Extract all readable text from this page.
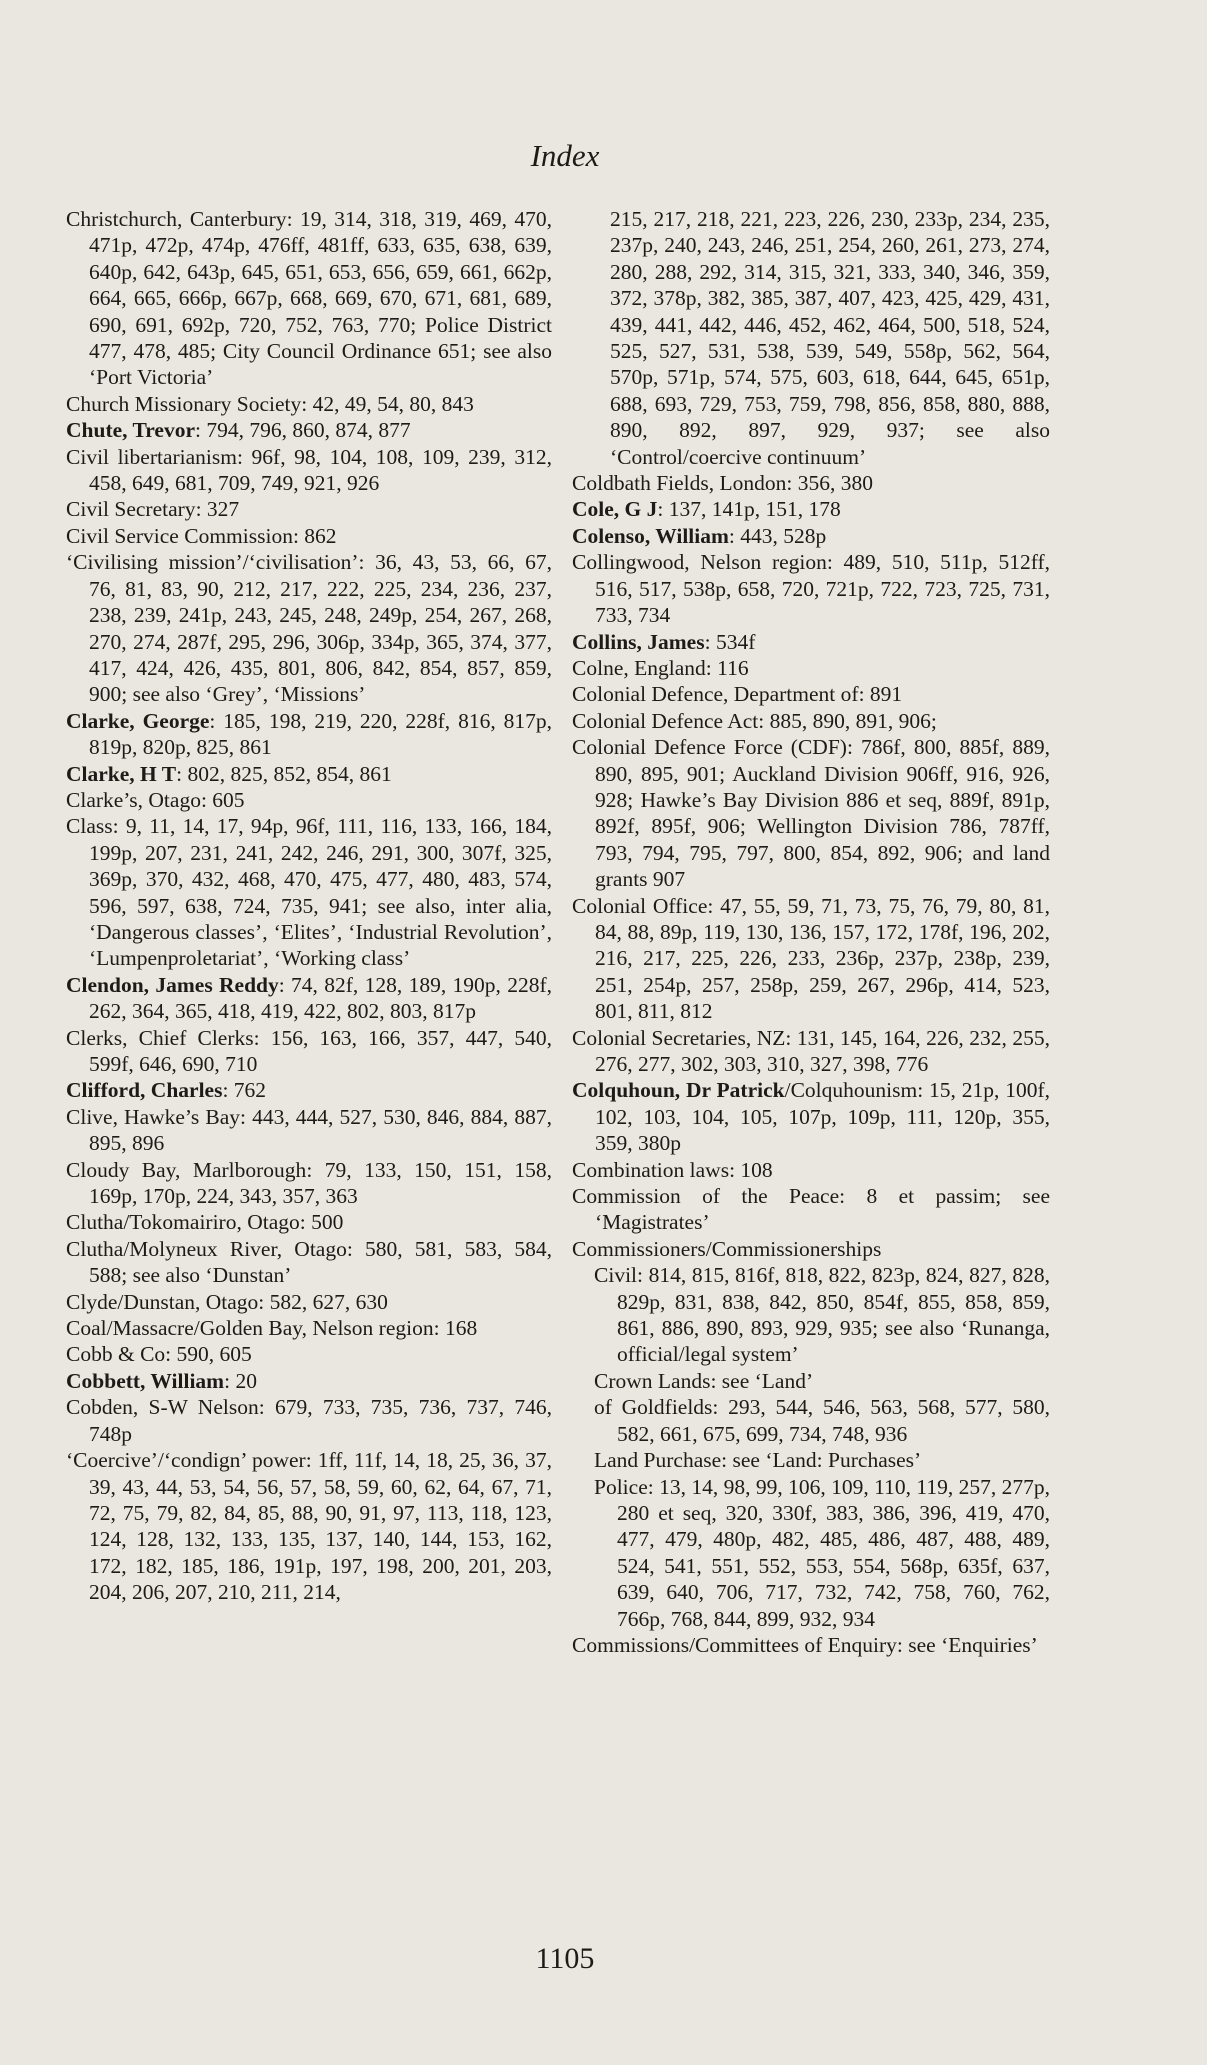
Index
Christchurch, Canterbury: 19, 314, 318, 319, 469, 470, 471p, 472p, 474p, 476ff, 481ff, 633, 635, 638, 639, 640p, 642, 643p, 645, 651, 653, 656, 659, 661, 662p, 664, 665, 666p, 667p, 668, 669, 670, 671, 681, 689, 690, 691, 692p, 720, 752, 763, 770; Police District 477, 478, 485; City Council Ordinance 651; see also ‘Port Victoria’
Church Missionary Society: 42, 49, 54, 80, 843
Chute, Trevor: 794, 796, 860, 874, 877
Civil libertarianism: 96f, 98, 104, 108, 109, 239, 312, 458, 649, 681, 709, 749, 921, 926
Civil Secretary: 327
Civil Service Commission: 862
‘Civilising mission’/‘civilisation’: 36, 43, 53, 66, 67, 76, 81, 83, 90, 212, 217, 222, 225, 234, 236, 237, 238, 239, 241p, 243, 245, 248, 249p, 254, 267, 268, 270, 274, 287f, 295, 296, 306p, 334p, 365, 374, 377, 417, 424, 426, 435, 801, 806, 842, 854, 857, 859, 900; see also ‘Grey’, ‘Missions’
Clarke, George: 185, 198, 219, 220, 228f, 816, 817p, 819p, 820p, 825, 861
Clarke, H T: 802, 825, 852, 854, 861
Clarke’s, Otago: 605
Class: 9, 11, 14, 17, 94p, 96f, 111, 116, 133, 166, 184, 199p, 207, 231, 241, 242, 246, 291, 300, 307f, 325, 369p, 370, 432, 468, 470, 475, 477, 480, 483, 574, 596, 597, 638, 724, 735, 941; see also, inter alia, ‘Dangerous classes’, ‘Elites’, ‘Industrial Revolution’, ‘Lumpenproletariat’, ‘Working class’
Clendon, James Reddy: 74, 82f, 128, 189, 190p, 228f, 262, 364, 365, 418, 419, 422, 802, 803, 817p
Clerks, Chief Clerks: 156, 163, 166, 357, 447, 540, 599f, 646, 690, 710
Clifford, Charles: 762
Clive, Hawke’s Bay: 443, 444, 527, 530, 846, 884, 887, 895, 896
Cloudy Bay, Marlborough: 79, 133, 150, 151, 158, 169p, 170p, 224, 343, 357, 363
Clutha/Tokomairiro, Otago: 500
Clutha/Molyneux River, Otago: 580, 581, 583, 584, 588; see also ‘Dunstan’
Clyde/Dunstan, Otago: 582, 627, 630
Coal/Massacre/Golden Bay, Nelson region: 168
Cobb & Co: 590, 605
Cobbett, William: 20
Cobden, S-W Nelson: 679, 733, 735, 736, 737, 746, 748p
‘Coercive’/‘condign’ power: 1ff, 11f, 14, 18, 25, 36, 37, 39, 43, 44, 53, 54, 56, 57, 58, 59, 60, 62, 64, 67, 71, 72, 75, 79, 82, 84, 85, 88, 90, 91, 97, 113, 118, 123, 124, 128, 132, 133, 135, 137, 140, 144, 153, 162, 172, 182, 185, 186, 191p, 197, 198, 200, 201, 203, 204, 206, 207, 210, 211, 214,
215, 217, 218, 221, 223, 226, 230, 233p, 234, 235, 237p, 240, 243, 246, 251, 254, 260, 261, 273, 274, 280, 288, 292, 314, 315, 321, 333, 340, 346, 359, 372, 378p, 382, 385, 387, 407, 423, 425, 429, 431, 439, 441, 442, 446, 452, 462, 464, 500, 518, 524, 525, 527, 531, 538, 539, 549, 558p, 562, 564, 570p, 571p, 574, 575, 603, 618, 644, 645, 651p, 688, 693, 729, 753, 759, 798, 856, 858, 880, 888, 890, 892, 897, 929, 937; see also ‘Control/coercive continuum’
Coldbath Fields, London: 356, 380
Cole, G J: 137, 141p, 151, 178
Colenso, William: 443, 528p
Collingwood, Nelson region: 489, 510, 511p, 512ff, 516, 517, 538p, 658, 720, 721p, 722, 723, 725, 731, 733, 734
Collins, James: 534f
Colne, England: 116
Colonial Defence, Department of: 891
Colonial Defence Act: 885, 890, 891, 906;
Colonial Defence Force (CDF): 786f, 800, 885f, 889, 890, 895, 901; Auckland Division 906ff, 916, 926, 928; Hawke’s Bay Division 886 et seq, 889f, 891p, 892f, 895f, 906; Wellington Division 786, 787ff, 793, 794, 795, 797, 800, 854, 892, 906; and land grants 907
Colonial Office: 47, 55, 59, 71, 73, 75, 76, 79, 80, 81, 84, 88, 89p, 119, 130, 136, 157, 172, 178f, 196, 202, 216, 217, 225, 226, 233, 236p, 237p, 238p, 239, 251, 254p, 257, 258p, 259, 267, 296p, 414, 523, 801, 811, 812
Colonial Secretaries, NZ: 131, 145, 164, 226, 232, 255, 276, 277, 302, 303, 310, 327, 398, 776
Colquhoun, Dr Patrick/Colquhounism: 15, 21p, 100f, 102, 103, 104, 105, 107p, 109p, 111, 120p, 355, 359, 380p
Combination laws: 108
Commission of the Peace: 8 et passim; see ‘Magistrates’
Commissioners/Commissionerships
Civil: 814, 815, 816f, 818, 822, 823p, 824, 827, 828, 829p, 831, 838, 842, 850, 854f, 855, 858, 859, 861, 886, 890, 893, 929, 935; see also ‘Runanga, official/legal system’
Crown Lands: see ‘Land’
of Goldfields: 293, 544, 546, 563, 568, 577, 580, 582, 661, 675, 699, 734, 748, 936
Land Purchase: see ‘Land: Purchases’
Police: 13, 14, 98, 99, 106, 109, 110, 119, 257, 277p, 280 et seq, 320, 330f, 383, 386, 396, 419, 470, 477, 479, 480p, 482, 485, 486, 487, 488, 489, 524, 541, 551, 552, 553, 554, 568p, 635f, 637, 639, 640, 706, 717, 732, 742, 758, 760, 762, 766p, 768, 844, 899, 932, 934
Commissions/Committees of Enquiry: see ‘Enquiries’
1105
